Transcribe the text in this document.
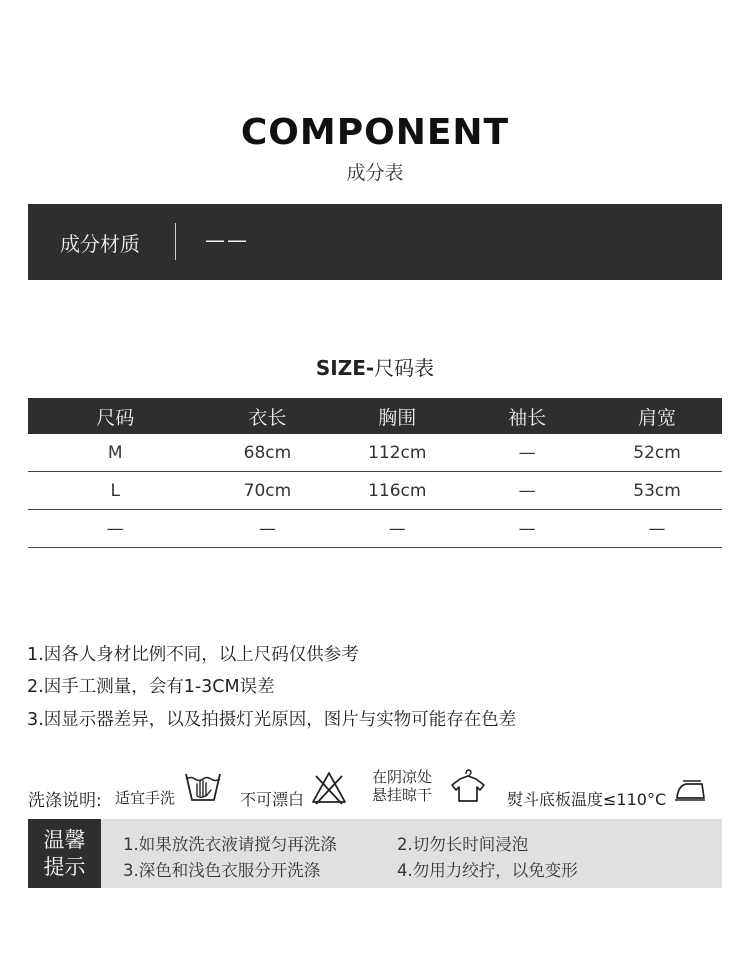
COMPONENT
成分表
成分材质	——
SIZE-尺码表
尺码	衣长	胸围	袖长	肩宽
M	68cm	112cm	—	52cm
L	70cm	116cm	—	53cm
—	—	—	—	—
1.因各人身材比例不同，以上尺码仅供参考
2.因手工测量，会有1-3CM误差
3.因显示器差异，以及拍摄灯光原因，图片与实物可能存在色差
洗涤说明: 适宜手洗	不可漂白
在阴凉处
悬挂晾干	熨斗底板温度≤110°C
温馨
提示
1.如果放洗衣液请搅匀再洗涤	2.切勿长时间浸泡
3.深色和浅色衣服分开洗涤	4.勿用力绞拧，以免变形
